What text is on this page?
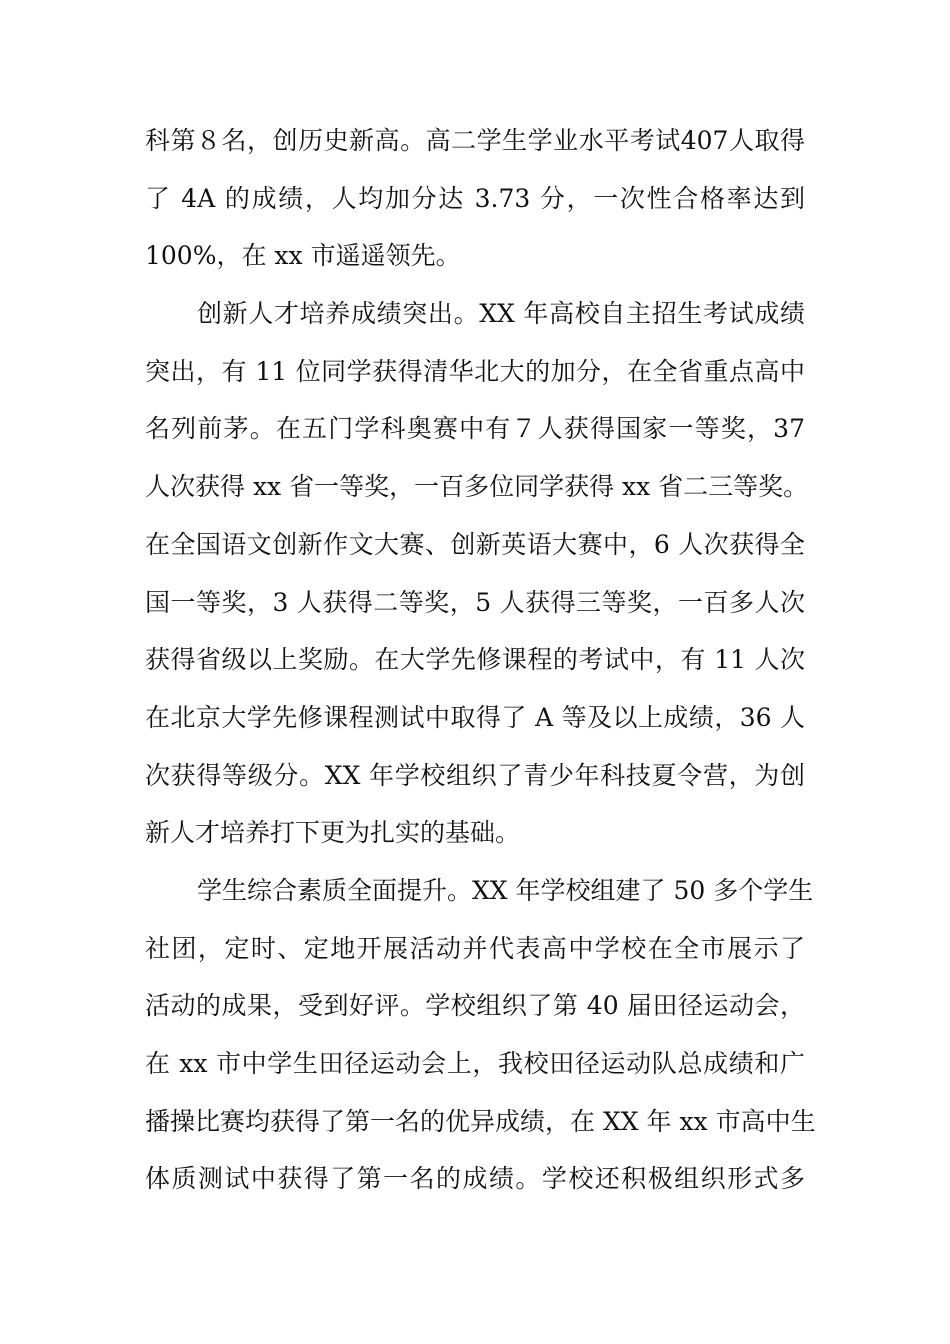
科第８名，创历史新高。高二学生学业水平考试407人取得
了 4A 的成绩，人均加分达 3.73 分，一次性合格率达到
100%，在 xx 市遥遥领先。
创新人才培养成绩突出。XX 年高校自主招生考试成绩
突出，有 11 位同学获得清华北大的加分，在全省重点高中
名列前茅。在五门学科奥赛中有７人获得国家一等奖，37
人次获得 xx 省一等奖，一百多位同学获得 xx 省二三等奖。
在全国语文创新作文大赛、创新英语大赛中，6 人次获得全
国一等奖，3 人获得二等奖，5 人获得三等奖，一百多人次
获得省级以上奖励。在大学先修课程的考试中，有 11 人次
在北京大学先修课程测试中取得了 A 等及以上成绩，36 人
次获得等级分。XX 年学校组织了青少年科技夏令营，为创
新人才培养打下更为扎实的基础。
学生综合素质全面提升。XX 年学校组建了 50 多个学生
社团，定时、定地开展活动并代表高中学校在全市展示了
活动的成果，受到好评。学校组织了第 40 届田径运动会，
在 xx 市中学生田径运动会上，我校田径运动队总成绩和广
播操比赛均获得了第一名的优异成绩，在 XX 年 xx 市高中生
体质测试中获得了第一名的成绩。学校还积极组织形式多
